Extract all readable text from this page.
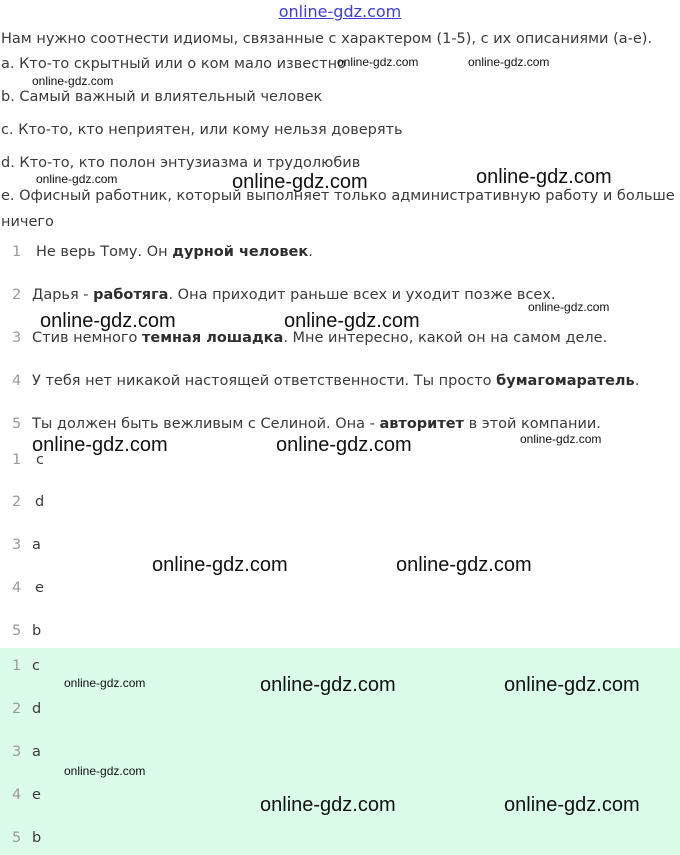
online-gdz.com
Нам нужно соотнести идиомы, связанные с характером (1-5), с их описаниями (a-e).
a. Кто-то скрытный или о ком мало известно
b. Самый важный и влиятельный человек
c. Кто-то, кто неприятен, или кому нельзя доверять
d. Кто-то, кто полон энтузиазма и трудолюбив
e. Офисный работник, который выполняет только административную работу и больше
ничего
1 Не верь Тому. Он дурной человек.
2 Дарья - работяга. Она приходит раньше всех и уходит позже всех.
3 Стив немного темная лошадка. Мне интересно, какой он на самом деле.
4 У тебя нет никакой настоящей ответственности. Ты просто бумагомаратель.
5 Ты должен быть вежливым с Селиной. Она - авторитет в этой компании.
1 c
2 d
3 a
4 e
5 b
1 c
2 d
3 a
4 e
5 b
online-gdz.com	online-gdz.com
online-gdz.com
online-gdz.com	online-gdz.com	online-gdz.com
online-gdz.com
online-gdz.com	online-gdz.com
online-gdz.com	online-gdz.com	online-gdz.com
online-gdz.com	online-gdz.com
online-gdz.com	online-gdz.com	online-gdz.com
online-gdz.com
online-gdz.com	online-gdz.com
